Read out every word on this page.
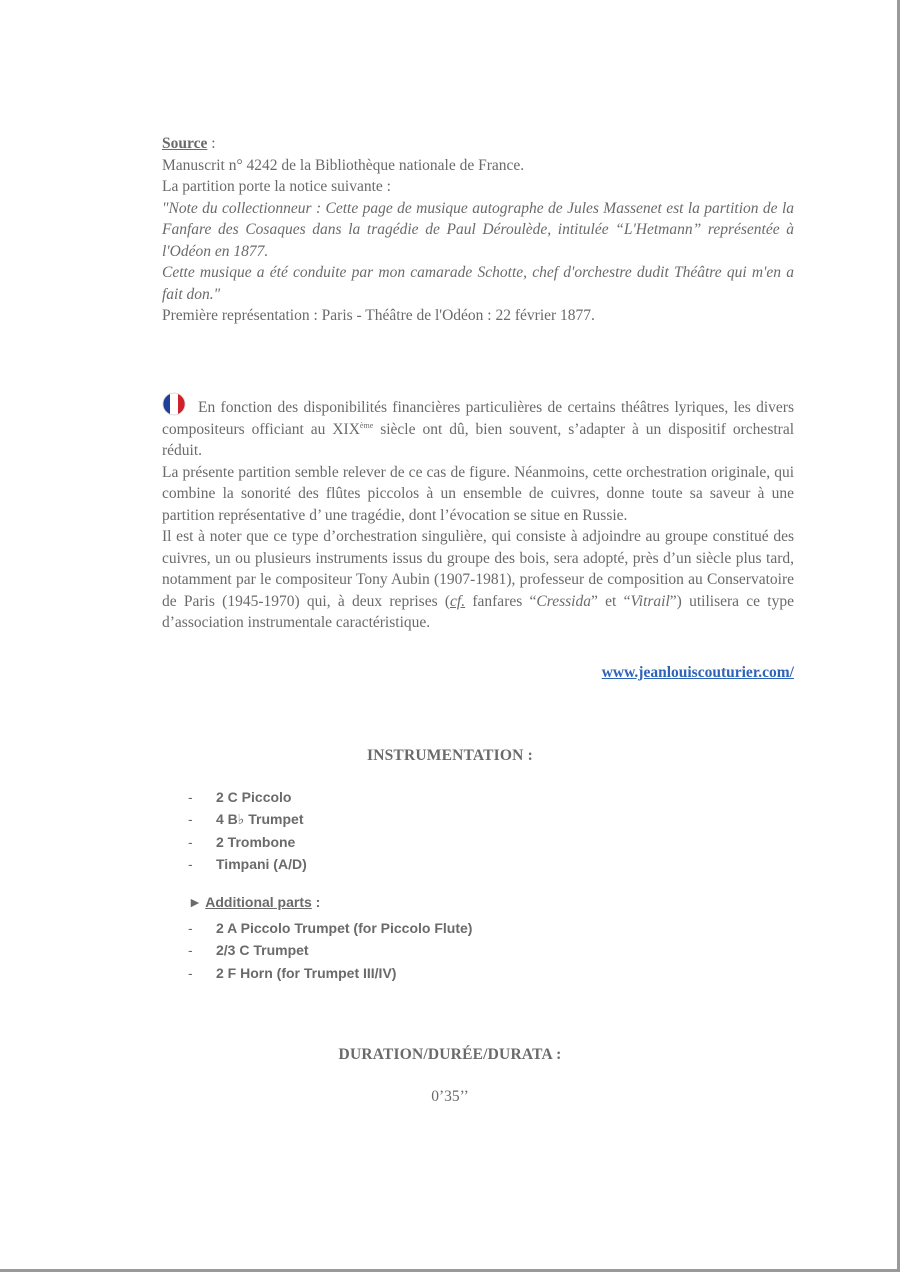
Source :

Manuscrit n° 4242 de la Bibliothèque nationale de France.

La partition porte la notice suivante :

"Note du collectionneur : Cette page de musique autographe de Jules Massenet est la partition de la Fanfare des Cosaques dans la tragédie de Paul Déroulède, intitulée “L'Hetmann” représentée à l'Odéon en 1877.

Cette musique a été conduite par mon camarade Schotte, chef d'orchestre dudit Théâtre qui m'en a fait don."

Première représentation : Paris - Théâtre de l'Odéon : 22 février 1877.

En fonction des disponibilités financières particulières de certains théâtres lyriques, les divers compositeurs officiant au XIXème siècle ont dû, bien souvent, s’adapter à un dispositif orchestral réduit.

La présente partition semble relever de ce cas de figure. Néanmoins, cette orchestration originale, qui combine la sonorité des flûtes piccolos à un ensemble de cuivres, donne toute sa saveur à une partition représentative d’ une tragédie, dont l’évocation se situe en Russie.

Il est à noter que ce type d’orchestration singulière, qui consiste à adjoindre au groupe constitué des cuivres, un ou plusieurs instruments issus du groupe des bois, sera adopté, près d’un siècle plus tard, notamment par le compositeur Tony Aubin (1907-1981), professeur de composition au Conservatoire de Paris (1945-1970) qui, à deux reprises (cf. fanfares “Cressida” et “Vitrail”) utilisera ce type d’association instrumentale caractéristique.

www.jeanlouiscouturier.com/
INSTRUMENTATION :
- 2 C Piccolo
- 4 B♭ Trumpet
- 2 Trombone
- Timpani (A/D)
► Additional parts :
- 2 A Piccolo Trumpet (for Piccolo Flute)
- 2/3 C Trumpet
- 2 F Horn (for Trumpet III/IV)
DURATION/DURÉE/DURATA :
0’35’’
